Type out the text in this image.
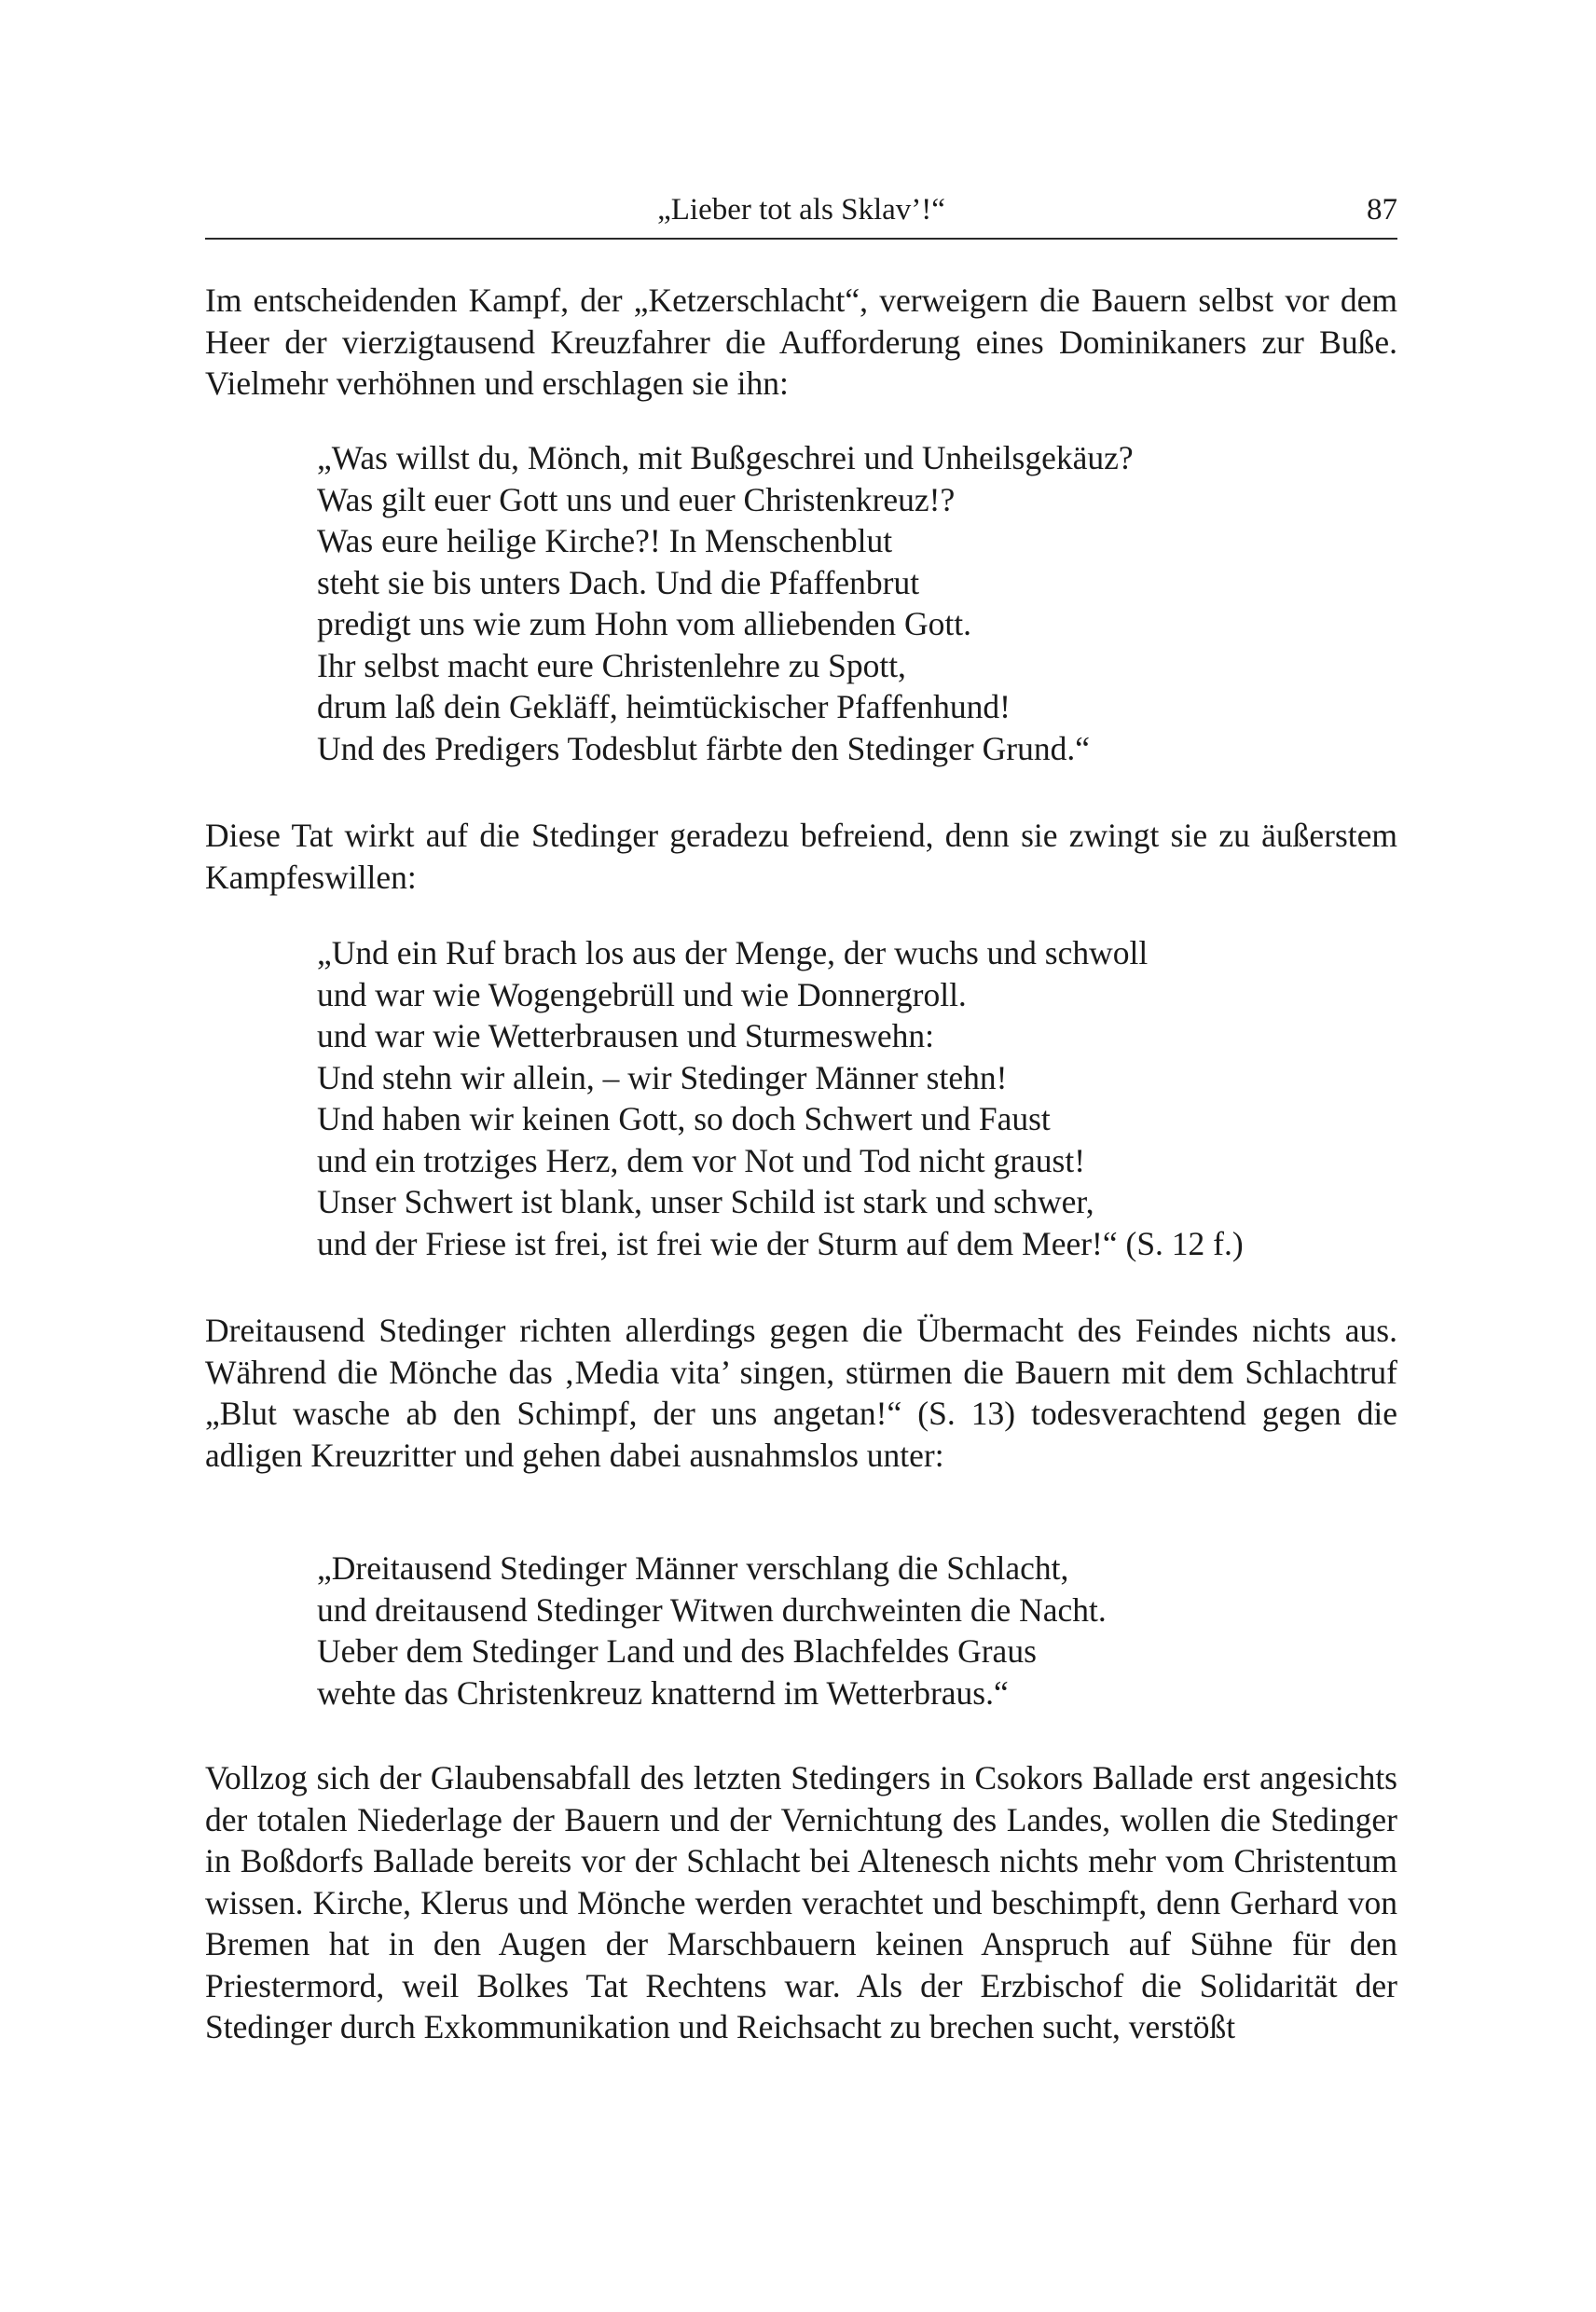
„Lieber tot als Sklav’!“	87

Im entscheidenden Kampf, der „Ketzerschlacht“, verweigern die Bauern selbst vor dem Heer der vierzigtausend Kreuzfahrer die Aufforderung eines Dominikaners zur Buße. Vielmehr verhöhnen und erschlagen sie ihn:

„Was willst du, Mönch, mit Bußgeschrei und Unheilsgekäuz?
Was gilt euer Gott uns und euer Christenkreuz!?
Was eure heilige Kirche?! In Menschenblut
steht sie bis unters Dach. Und die Pfaffenbrut
predigt uns wie zum Hohn vom alliebenden Gott.
Ihr selbst macht eure Christenlehre zu Spott,
drum laß dein Gekläff, heimtückischer Pfaffenhund!
Und des Predigers Todesblut färbte den Stedinger Grund.“

Diese Tat wirkt auf die Stedinger geradezu befreiend, denn sie zwingt sie zu äußerstem Kampfeswillen:

„Und ein Ruf brach los aus der Menge, der wuchs und schwoll
und war wie Wogengebrüll und wie Donnergroll.
und war wie Wetterbrausen und Sturmeswehn:
Und stehn wir allein, – wir Stedinger Männer stehn!
Und haben wir keinen Gott, so doch Schwert und Faust
und ein trotziges Herz, dem vor Not und Tod nicht graust!
Unser Schwert ist blank, unser Schild ist stark und schwer,
und der Friese ist frei, ist frei wie der Sturm auf dem Meer!“ (S. 12 f.)

Dreitausend Stedinger richten allerdings gegen die Übermacht des Feindes nichts aus. Während die Mönche das ‚Media vita’ singen, stürmen die Bauern mit dem Schlachtruf „Blut wasche ab den Schimpf, der uns angetan!“ (S. 13) todesverachtend gegen die adligen Kreuzritter und gehen dabei ausnahmslos unter:

„Dreitausend Stedinger Männer verschlang die Schlacht,
und dreitausend Stedinger Witwen durchweinten die Nacht.
Ueber dem Stedinger Land und des Blachfeldes Graus
wehte das Christenkreuz knatternd im Wetterbraus.“

Vollzog sich der Glaubensabfall des letzten Stedingers in Csokors Ballade erst angesichts der totalen Niederlage der Bauern und der Vernichtung des Landes, wollen die Stedinger in Boßdorfs Ballade bereits vor der Schlacht bei Altenesch nichts mehr vom Christentum wissen. Kirche, Klerus und Mönche werden verachtet und beschimpft, denn Gerhard von Bremen hat in den Augen der Marschbauern keinen Anspruch auf Sühne für den Priestermord, weil Bolkes Tat Rechtens war. Als der Erzbischof die Solidarität der Stedinger durch Exkommunikation und Reichsacht zu brechen sucht, verstößt
